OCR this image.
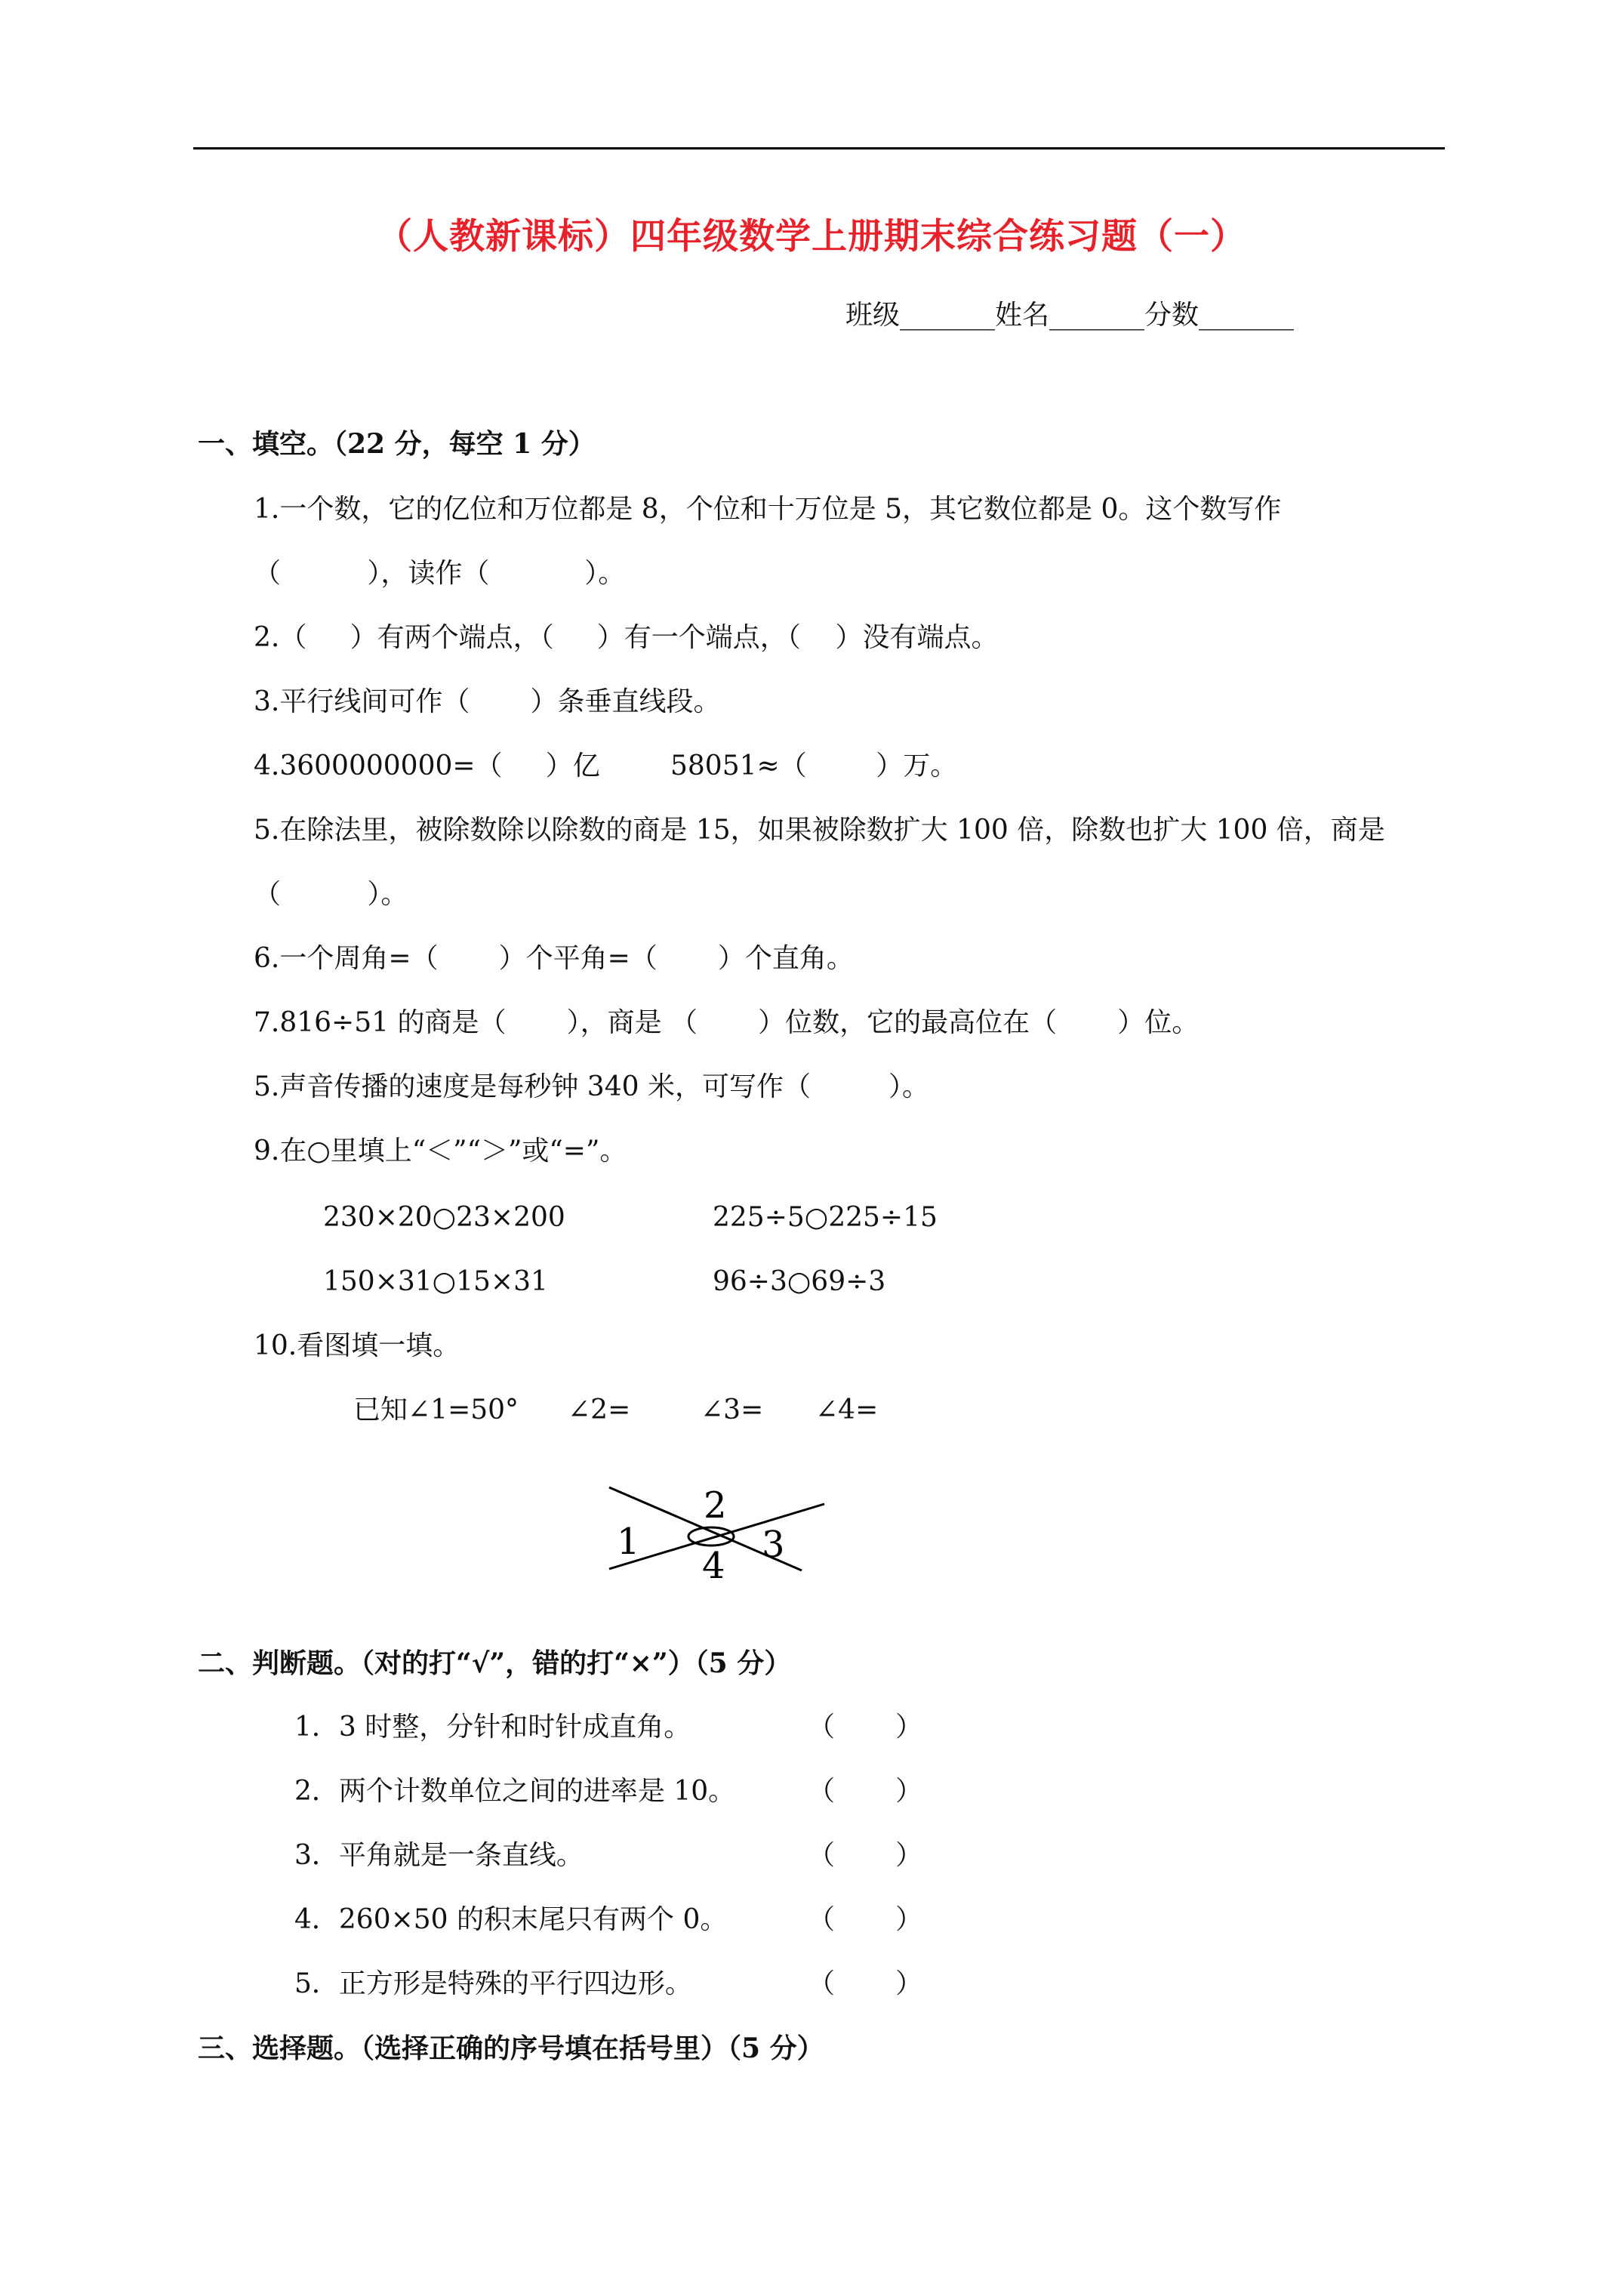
（人教新课标）四年级数学上册期末综合练习题（一）
班级_______姓名_______分数_______
一、填空。（22 分，每空 1 分）
1.一个数，它的亿位和万位都是 8，个位和十万位是 5，其它数位都是 0。这个数写作
（          ），读作（           ）。
2.（     ）有两个端点，（     ）有一个端点，（    ）没有端点。
3.平行线间可作（       ）条垂直线段。
4.3600000000=（     ）亿	58051≈（        ）万。
5.在除法里，被除数除以除数的商是 15，如果被除数扩大 100 倍，除数也扩大 100 倍，商是
（          ）。
6.一个周角=（       ）个平角=（       ）个直角。
7.816÷51 的商是（       ），商是 （       ）位数，它的最高位在（       ）位。
5.声音传播的速度是每秒钟 340 米，可写作（         ）。
9.在○里填上“＜”“＞”或“=”。
230×20○23×200	225÷5○225÷15
150×31○15×31	96÷3○69÷3
10.看图填一填。
已知∠1=50° ∠2=	∠3= ∠4=
1
2
3
4
二、判断题。（对的打“√”，错的打“×”）（5 分）
1．3 时整，分针和时针成直角。	（       ）
2．两个计数单位之间的进率是 10。	（       ）
3．平角就是一条直线。	（       ）
4．260×50 的积末尾只有两个 0。	（       ）
5．正方形是特殊的平行四边形。	（       ）
三、选择题。（选择正确的序号填在括号里）（5 分）
